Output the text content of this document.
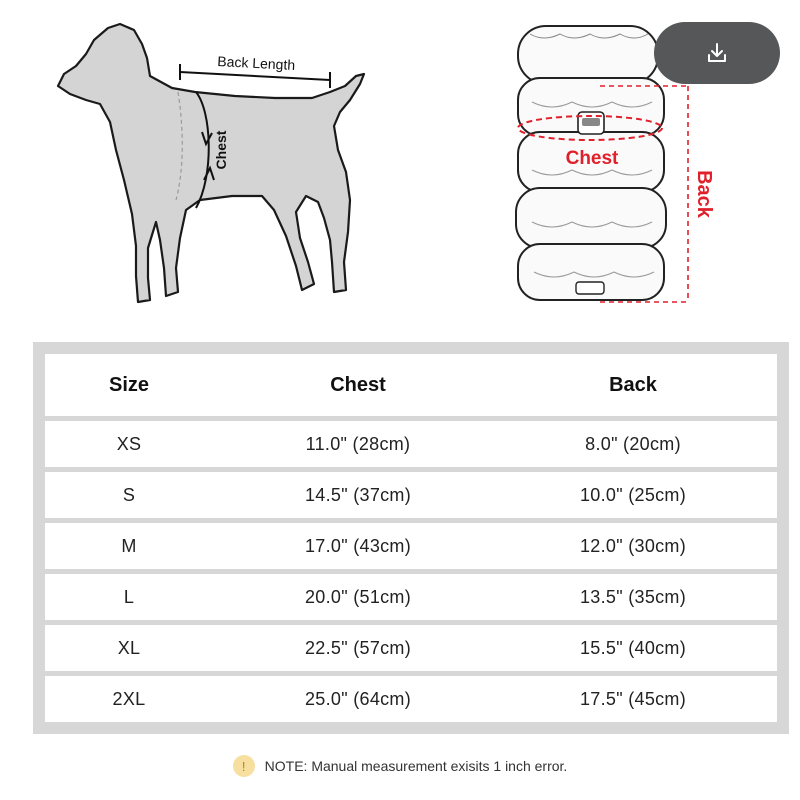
Back Length
Chest	Chest
Back
Size	Chest	Back
XS	11.0" (28cm)	8.0" (20cm)
S	14.5" (37cm)	10.0" (25cm)
M	17.0" (43cm)	12.0" (30cm)
L	20.0" (51cm)	13.5" (35cm)
XL	22.5" (57cm)	15.5" (40cm)
2XL	25.0" (64cm)	17.5" (45cm)
!	NOTE: Manual measurement exisits 1 inch error.
